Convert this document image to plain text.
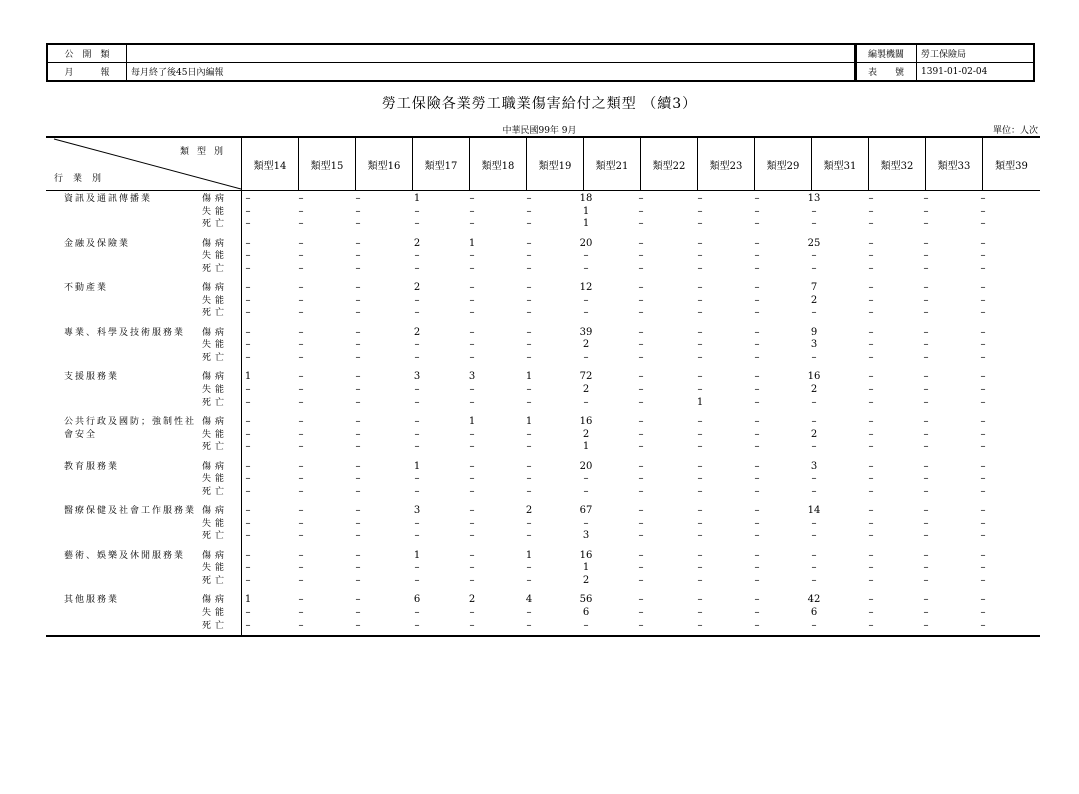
公　開　類	
月　　　報	每月終了後45日內編報
編製機關	勞工保險局
表　　號	1391-01-02-04
勞工保險各業勞工職業傷害給付之類型 （續3）
中華民國99年 9月	單位：人次
類型別
行業別
類型14	類型15	類型16	類型17	類型18	類型19	類型21	類型22	類型23	類型29	類型31	類型32	類型33	類型39
資訊及通訊傳播業	傷病	–	–	–	1	–	–	18	–	–	–	13	–	–	–
失能	–	–	–	–	–	–	1	–	–	–	–	–	–	–
死亡	–	–	–	–	–	–	1	–	–	–	–	–	–	–
金融及保險業	傷病	–	–	–	2	1	–	20	–	–	–	25	–	–	–
失能	–	–	–	–	–	–	–	–	–	–	–	–	–	–
死亡	–	–	–	–	–	–	–	–	–	–	–	–	–	–
不動產業	傷病	–	–	–	2	–	–	12	–	–	–	7	–	–	–
失能	–	–	–	–	–	–	–	–	–	–	2	–	–	–
死亡	–	–	–	–	–	–	–	–	–	–	–	–	–	–
專業、科學及技術服務業	傷病	–	–	–	2	–	–	39	–	–	–	9	–	–	–
失能	–	–	–	–	–	–	2	–	–	–	3	–	–	–
死亡	–	–	–	–	–	–	–	–	–	–	–	–	–	–
支援服務業	傷病	1	–	–	3	3	1	72	–	–	–	16	–	–	–
失能	–	–	–	–	–	–	2	–	–	–	2	–	–	–
死亡	–	–	–	–	–	–	–	–	1	–	–	–	–	–
公共行政及國防；強制性社會安全
傷病	–	–	–	–	1	1	16	–	–	–	–	–	–	–
失能	–	–	–	–	–	–	2	–	–	–	2	–	–	–
死亡	–	–	–	–	–	–	1	–	–	–	–	–	–	–
教育服務業	傷病	–	–	–	1	–	–	20	–	–	–	3	–	–	–
失能	–	–	–	–	–	–	–	–	–	–	–	–	–	–
死亡	–	–	–	–	–	–	–	–	–	–	–	–	–	–
醫療保健及社會工作服務業 傷病	–	–	–	3	–	2	67	–	–	–	14	–	–	–
失能	–	–	–	–	–	–	–	–	–	–	–	–	–	–
死亡	–	–	–	–	–	–	3	–	–	–	–	–	–	–
藝術、娛樂及休閒服務業	傷病	–	–	–	1	–	1	16	–	–	–	–	–	–	–
失能	–	–	–	–	–	–	1	–	–	–	–	–	–	–
死亡	–	–	–	–	–	–	2	–	–	–	–	–	–	–
其他服務業	傷病	1	–	–	6	2	4	56	–	–	–	42	–	–	–
失能	–	–	–	–	–	–	6	–	–	–	6	–	–	–
死亡	–	–	–	–	–	–	–	–	–	–	–	–	–	–
